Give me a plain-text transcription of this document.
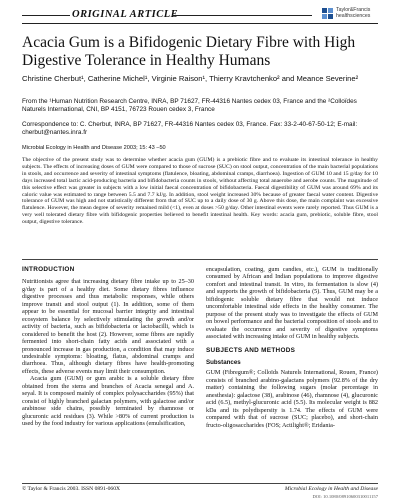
ORIGINAL ARTICLE	Taylor&Francis
healthsciences
Acacia Gum is a Bifidogenic Dietary Fibre with High Digestive Tolerance in Healthy Humans
Christine Cherbut¹, Catherine Michel¹, Virginie Raison¹, Thierry Kravtchenko² and Meance Severine²
From the ¹Human Nutrition Research Centre, INRA, BP 71627, FR-44316 Nantes cedex 03, France and the ²Colloïdes Naturels International, CNI, BP 4151, 76723 Rouen cedex 3, France
Correspondence to: C. Cherbut, INRA, BP 71627, FR-44316 Nantes cedex 03, France. Fax: 33-2-40-67-50-12; E-mail: cherbut@nantes.inra.fr
Microbial Ecology in Health and Disease 2003; 15: 43 –50

The objective of the present study was to determine whether acacia gum (GUM) is a prebiotic fibre and to evaluate its intestinal tolerance in healthy subjects. The effects of increasing doses of GUM were compared to those of sucrose (SUC) on stool output, concentration of the main bacterial populations in stools, and occurrence and severity of intestinal symptoms (flatulence, bloating, abdominal cramps, diarrhoea). Ingestion of GUM 10 and 15 g/day for 10 days increased total lactic acid-producing bacteria and bifidobacteria counts in stools, without affecting total anaerobe and aerobe counts. The magnitude of this selective effect was greater in subjects with a low initial faecal concentration of bifidobacteria. Faecal digestibility of GUM was around 69% and its caloric value was estimated to range between 5.5 and 7.7 kJ/g. In addition, stool weight increased 30% because of greater faecal water content. Digestive tolerance of GUM was high and not statistically different from that of SUC up to a daily dose of 30 g. Above this dose, the main complaint was excessive flatulence. However, the mean degree of severity remained mild (<1), even at doses >50 g/day. Other intestinal events were rarely reported. Thus GUM is a very well tolerated dietary fibre with bifidogenic properties believed to benefit intestinal health. Key words: acacia gum, prebiotic, soluble fibre, stool output, digestive tolerance.

INTRODUCTION

Nutritionists agree that increasing dietary fibre intake up to 25–30 g/day is part of a healthy diet. Some dietary fibres influence digestive processes and thus metabolic responses, while others improve transit and stool output (1). In addition, some of them appear to be essential for mucosal barrier integrity and intestinal ecosystem balance by selectively stimulating the growth and/or activity of bacteria, such as bifidobacteria or lactobacilli, which is considered to benefit the host (2). However, some fibres are rapidly fermented into short-chain fatty acids and associated with a pronounced increase in gas production, a condition that may induce undesirable symptoms: bloating, flatus, abdominal cramps and diarrhoea. Thus, although dietary fibres have health-promoting effects, these adverse events may limit their consumption.

Acacia gum (GUM) or gum arabic is a soluble dietary fibre obtained from the stems and branches of Acacia senegal and A. seyal. It is composed mainly of complex polysaccharides (95%) that consist of highly branched galactan polymers, with galactose and/or arabinose side chains, possibly terminated by rhamnose or glucuronic acid residues (3). While >80% of current production is used by the food industry for various applications (emulsification,

encapsulation, coating, gum candies, etc.), GUM is traditionally consumed by African and Indian populations to improve digestive comfort and intestinal transit. In vitro, its fermentation is slow (4) and supports the growth of bifidobacteria (5). Thus, GUM may be a bifidogenic soluble dietary fibre that would not induce uncomfortable intestinal side effects in the healthy consumer. The purpose of the present study was to investigate the effects of GUM on bowel performance and the bacterial composition of stools and to evaluate the occurrence and severity of digestive symptoms associated with increasing intake of GUM in healthy subjects.

SUBJECTS AND METHODS
Substances

GUM (Fibregum®; Colloïds Naturels International, Rouen, France) consists of branched arabino-galactans polymers (92.8% of the dry matter) containing the following sugars (molar percentage in anesthesia): galactose (38), arabinose (46), rhamnose (4), glucuronic acid (6.5), methyl-glucuronic acid (5.5). Its molecular weight is 882 kDa and its polydispersity is 1.74. The effects of GUM were compared with that of sucrose (SUC; placebo), and short-chain fructo-oligosaccharides (FOS; Actilight®; Eridania-

© Taylor & Francis 2003. ISSN 0891-060X	Microbial Ecology in Health and Disease
DOI: 10.1080/08910600310011157
